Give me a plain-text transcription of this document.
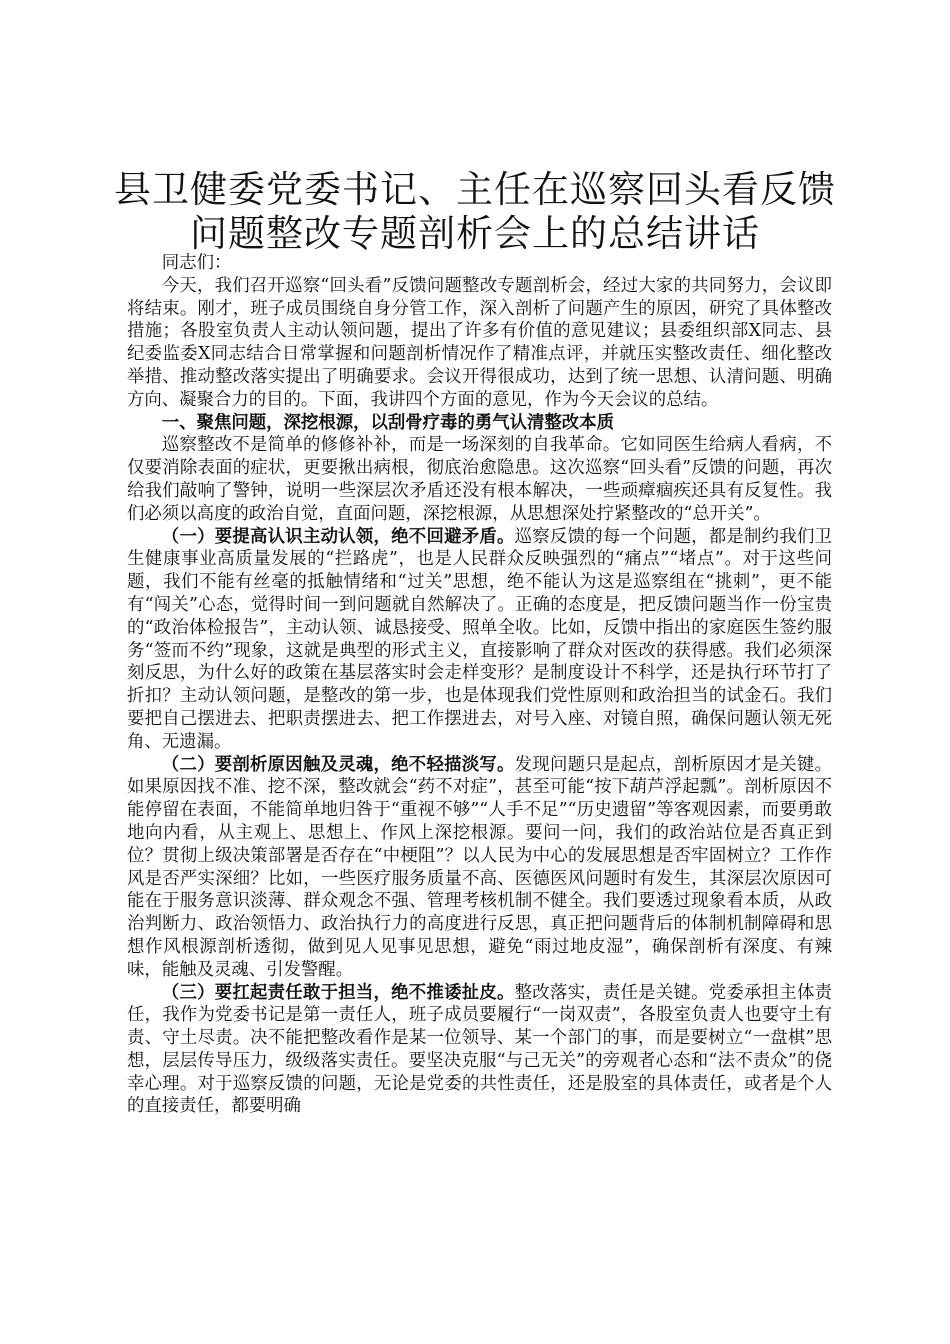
县卫健委党委书记、主任在巡察回头看反馈问题整改专题剖析会上的总结讲话

同志们：

今天，我们召开巡察“回头看”反馈问题整改专题剖析会，经过大家的共同努力，会议即将结束。刚才，班子成员围绕自身分管工作，深入剖析了问题产生的原因，研究了具体整改措施；各股室负责人主动认领问题，提出了许多有价值的意见建议；县委组织部X同志、县纪委监委X同志结合日常掌握和问题剖析情况作了精准点评，并就压实整改责任、细化整改举措、推动整改落实提出了明确要求。会议开得很成功，达到了统一思想、认清问题、明确方向、凝聚合力的目的。下面，我讲四个方面的意见，作为今天会议的总结。

一、聚焦问题，深挖根源，以刮骨疗毒的勇气认清整改本质

巡察整改不是简单的修修补补，而是一场深刻的自我革命。它如同医生给病人看病，不仅要消除表面的症状，更要揪出病根，彻底治愈隐患。这次巡察“回头看”反馈的问题，再次给我们敲响了警钟，说明一些深层次矛盾还没有根本解决，一些顽瘴痼疾还具有反复性。我们必须以高度的政治自觉，直面问题，深挖根源，从思想深处拧紧整改的“总开关”。

（一）要提高认识主动认领，绝不回避矛盾。巡察反馈的每一个问题，都是制约我们卫生健康事业高质量发展的“拦路虎”，也是人民群众反映强烈的“痛点”“堵点”。对于这些问题，我们不能有丝毫的抵触情绪和“过关”思想，绝不能认为这是巡察组在“挑刺”，更不能有“闯关”心态，觉得时间一到问题就自然解决了。正确的态度是，把反馈问题当作一份宝贵的“政治体检报告”，主动认领、诚恳接受、照单全收。比如，反馈中指出的家庭医生签约服务“签而不约”现象，这就是典型的形式主义，直接影响了群众对医改的获得感。我们必须深刻反思，为什么好的政策在基层落实时会走样变形？是制度设计不科学，还是执行环节打了折扣？主动认领问题，是整改的第一步，也是体现我们党性原则和政治担当的试金石。我们要把自己摆进去、把职责摆进去、把工作摆进去，对号入座、对镜自照，确保问题认领无死角、无遗漏。

（二）要剖析原因触及灵魂，绝不轻描淡写。发现问题只是起点，剖析原因才是关键。如果原因找不准、挖不深，整改就会“药不对症”，甚至可能“按下葫芦浮起瓢”。剖析原因不能停留在表面，不能简单地归咎于“重视不够”“人手不足”“历史遗留”等客观因素，而要勇敢地向内看，从主观上、思想上、作风上深挖根源。要问一问，我们的政治站位是否真正到位？贯彻上级决策部署是否存在“中梗阻”？以人民为中心的发展思想是否牢固树立？工作作风是否严实深细？比如，一些医疗服务质量不高、医德医风问题时有发生，其深层次原因可能在于服务意识淡薄、群众观念不强、管理考核机制不健全。我们要透过现象看本质，从政治判断力、政治领悟力、政治执行力的高度进行反思，真正把问题背后的体制机制障碍和思想作风根源剖析透彻，做到见人见事见思想，避免“雨过地皮湿”，确保剖析有深度、有辣味，能触及灵魂、引发警醒。

（三）要扛起责任敢于担当，绝不推诿扯皮。整改落实，责任是关键。党委承担主体责任，我作为党委书记是第一责任人，班子成员要履行“一岗双责”，各股室负责人也要守土有责、守土尽责。决不能把整改看作是某一位领导、某一个部门的事，而是要树立“一盘棋”思想，层层传导压力，级级落实责任。要坚决克服“与己无关”的旁观者心态和“法不责众”的侥幸心理。对于巡察反馈的问题，无论是党委的共性责任，还是股室的具体责任，或者是个人的直接责任，都要明确
